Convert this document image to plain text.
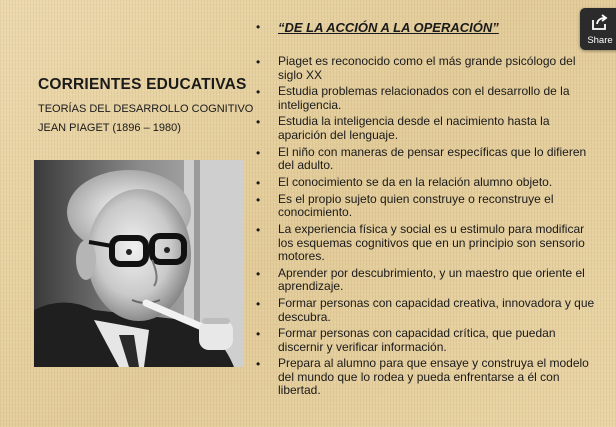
CORRIENTES EDUCATIVAS
TEORÍAS DEL DESARROLLO COGNITIVO
JEAN PIAGET (1896 – 1980)
•	“DE LA ACCIÓN A LA OPERACIÓN”
•	Piaget es reconocido como el más grande psicólogo del siglo XX
•	Estudia problemas relacionados con el desarrollo de la inteligencia.
•	Estudia la inteligencia desde el nacimiento hasta la aparición del lenguaje.
•	El niño con maneras de pensar específicas que lo difieren del adulto.
•	El conocimiento se da en la relación alumno objeto.
•	Es el propio sujeto quien construye o reconstruye el conocimiento.
•	La experiencia física y social es u estimulo para modificar los esquemas cognitivos que en un principio son sensorio motores.
•	Aprender por descubrimiento, y un maestro que oriente el aprendizaje.
•	Formar personas con capacidad creativa, innovadora y que descubra.
•	Formar personas con capacidad crítica, que puedan discernir y verificar información.
•	Prepara al alumno para que ensaye y construya el modelo del mundo que lo rodea y pueda enfrentarse a él con libertad.
Share
